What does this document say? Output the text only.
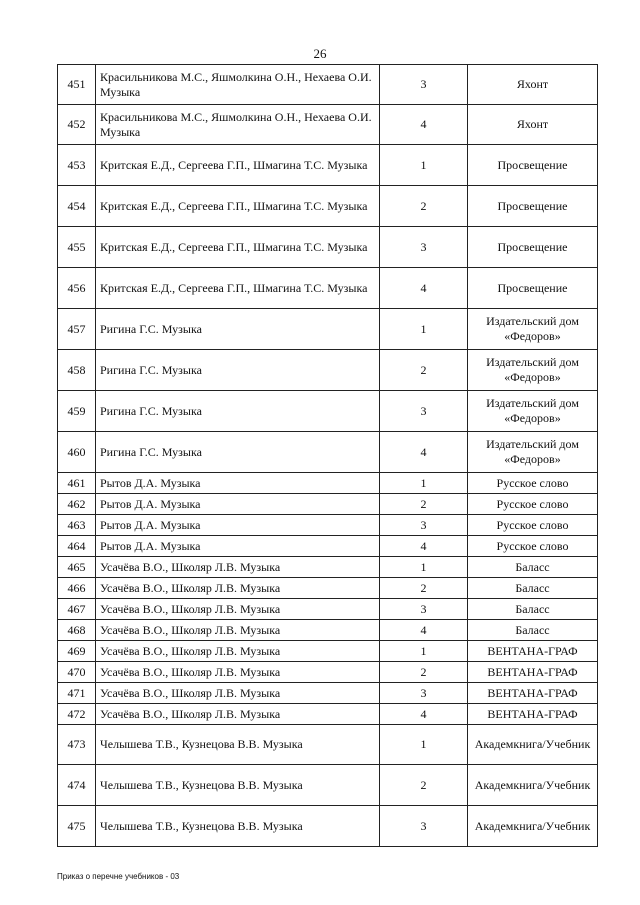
26
451	Красильникова М.С., Яшмолкина О.Н., Нехаева О.И. Музыка	3	Яхонт
452	Красильникова М.С., Яшмолкина О.Н., Нехаева О.И. Музыка	4	Яхонт
453	Критская Е.Д., Сергеева Г.П., Шмагина Т.С. Музыка	1	Просвещение
454	Критская Е.Д., Сергеева Г.П., Шмагина Т.С. Музыка	2	Просвещение
455	Критская Е.Д., Сергеева Г.П., Шмагина Т.С. Музыка	3	Просвещение
456	Критская Е.Д., Сергеева Г.П., Шмагина Т.С. Музыка	4	Просвещение
457	Ригина Г.С. Музыка	1	Издательский дом «Федоров»
458	Ригина Г.С. Музыка	2	Издательский дом «Федоров»
459	Ригина Г.С. Музыка	3	Издательский дом «Федоров»
460	Ригина Г.С. Музыка	4	Издательский дом «Федоров»
461	Рытов Д.А. Музыка	1	Русское слово
462	Рытов Д.А. Музыка	2	Русское слово
463	Рытов Д.А. Музыка	3	Русское слово
464	Рытов Д.А. Музыка	4	Русское слово
465	Усачёва В.О., Школяр Л.В. Музыка	1	Баласс
466	Усачёва В.О., Школяр Л.В. Музыка	2	Баласс
467	Усачёва В.О., Школяр Л.В. Музыка	3	Баласс
468	Усачёва В.О., Школяр Л.В. Музыка	4	Баласс
469	Усачёва В.О., Школяр Л.В. Музыка	1	ВЕНТАНА-ГРАФ
470	Усачёва В.О., Школяр Л.В. Музыка	2	ВЕНТАНА-ГРАФ
471	Усачёва В.О., Школяр Л.В. Музыка	3	ВЕНТАНА-ГРАФ
472	Усачёва В.О., Школяр Л.В. Музыка	4	ВЕНТАНА-ГРАФ
473	Челышева Т.В., Кузнецова В.В. Музыка	1	Академкнига/Учебник
474	Челышева Т.В., Кузнецова В.В. Музыка	2	Академкнига/Учебник
475	Челышева Т.В., Кузнецова В.В. Музыка	3	Академкнига/Учебник
Приказ о перечне учебников - 03
